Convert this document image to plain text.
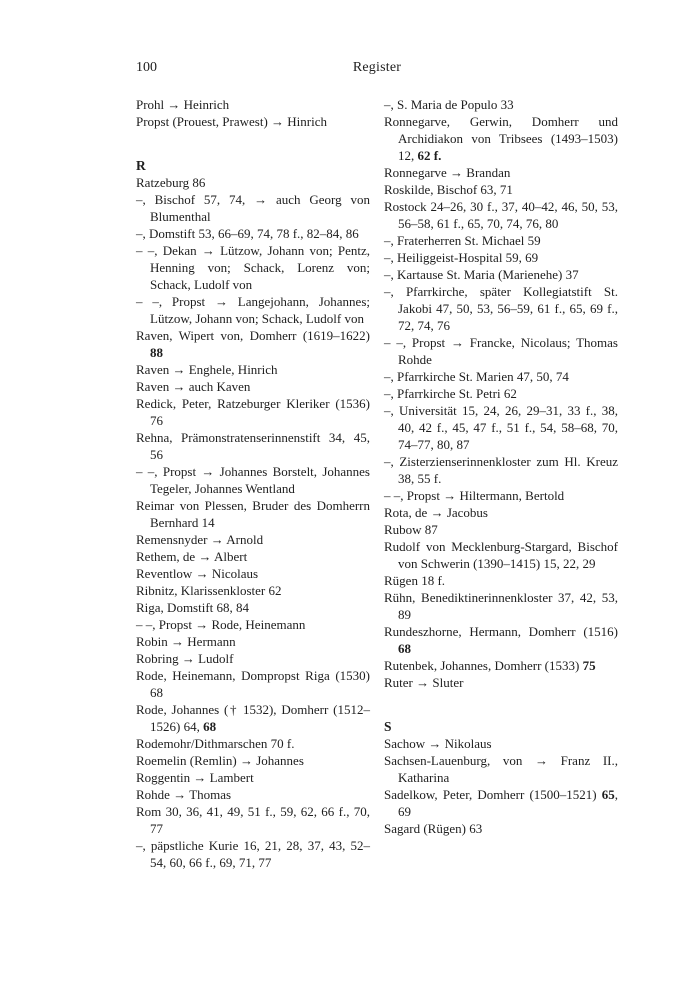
100	Register
Prohl → Heinrich
Propst (Prouest, Prawest) → Hinrich
R
Ratzeburg 86
–, Bischof 57, 74, → auch Georg von Blumenthal
–, Domstift 53, 66–69, 74, 78 f., 82–84, 86
– –, Dekan → Lützow, Johann von; Pentz, Henning von; Schack, Lorenz von; Schack, Ludolf von
– –, Propst → Langejohann, Johannes; Lützow, Johann von; Schack, Ludolf von
Raven, Wipert von, Domherr (1619–1622) 88
Raven → Enghele, Hinrich
Raven → auch Kaven
Redick, Peter, Ratzeburger Kleriker (1536) 76
Rehna, Prämonstratenserinnenstift 34, 45, 56
– –, Propst → Johannes Borstelt, Johannes Tegeler, Johannes Wentland
Reimar von Plessen, Bruder des Domherrn Bernhard 14
Remensnyder → Arnold
Rethem, de → Albert
Reventlow → Nicolaus
Ribnitz, Klarissenkloster 62
Riga, Domstift 68, 84
– –, Propst → Rode, Heinemann
Robin → Hermann
Robring → Ludolf
Rode, Heinemann, Dompropst Riga (1530) 68
Rode, Johannes († 1532), Domherr (1512–1526) 64, 68
Rodemohr/Dithmarschen 70 f.
Roemelin (Remlin) → Johannes
Roggentin → Lambert
Rohde → Thomas
Rom 30, 36, 41, 49, 51 f., 59, 62, 66 f., 70, 77
–, päpstliche Kurie 16, 21, 28, 37, 43, 52–54, 60, 66 f., 69, 71, 77
–, S. Maria de Populo 33
Ronnegarve, Gerwin, Domherr und Archidiakon von Tribsees (1493–1503) 12, 62 f.
Ronnegarve → Brandan
Roskilde, Bischof 63, 71
Rostock 24–26, 30 f., 37, 40–42, 46, 50, 53, 56–58, 61 f., 65, 70, 74, 76, 80
–, Fraterherren St. Michael 59
–, Heiliggeist-Hospital 59, 69
–, Kartause St. Maria (Marienehe) 37
–, Pfarrkirche, später Kollegiatstift St. Jakobi 47, 50, 53, 56–59, 61 f., 65, 69 f., 72, 74, 76
– –, Propst → Francke, Nicolaus; Thomas Rohde
–, Pfarrkirche St. Marien 47, 50, 74
–, Pfarrkirche St. Petri 62
–, Universität 15, 24, 26, 29–31, 33 f., 38, 40, 42 f., 45, 47 f., 51 f., 54, 58–68, 70, 74–77, 80, 87
–, Zisterzienserinnenkloster zum Hl. Kreuz 38, 55 f.
– –, Propst → Hiltermann, Bertold
Rota, de → Jacobus
Rubow 87
Rudolf von Mecklenburg-Stargard, Bischof von Schwerin (1390–1415) 15, 22, 29
Rügen 18 f.
Rühn, Benediktinerinnenkloster 37, 42, 53, 89
Rundeszhorne, Hermann, Domherr (1516) 68
Rutenbek, Johannes, Domherr (1533) 75
Ruter → Sluter
S
Sachow → Nikolaus
Sachsen-Lauenburg, von → Franz II., Katharina
Sadelkow, Peter, Domherr (1500–1521) 65, 69
Sagard (Rügen) 63
